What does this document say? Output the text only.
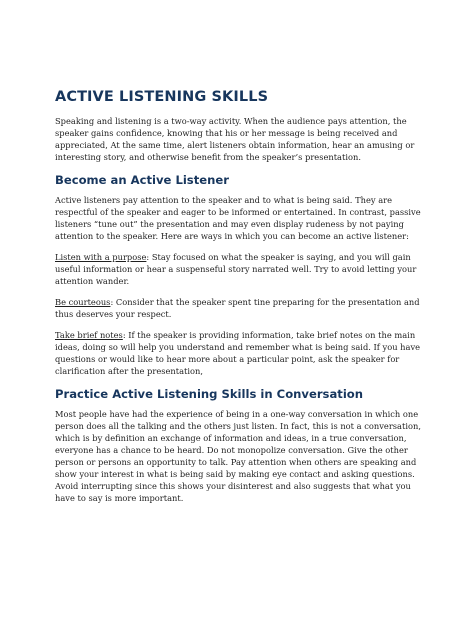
ACTIVE LISTENING SKILLS

Speaking and listening is a two-way activity. When the audience pays attention, the speaker gains confidence, knowing that his or her message is being received and appreciated, At the same time, alert listeners obtain information, hear an amusing or interesting story, and otherwise benefit from the speaker’s presentation.

Become an Active Listener

Active listeners pay attention to the speaker and to what is being said. They are respectful of the speaker and eager to be informed or entertained. In contrast, passive listeners “tune out” the presentation and may even display rudeness by not paying attention to the speaker. Here are ways in which you can become an active listener:

Listen with a purpose: Stay focused on what the speaker is saying, and you will gain useful information or hear a suspenseful story narrated well. Try to avoid letting your attention wander.

Be courteous: Consider that the speaker spent tine preparing for the presentation and thus deserves your respect.

Take brief notes: If the speaker is providing information, take brief notes on the main ideas, doing so will help you understand and remember what is being said. If you have questions or would like to hear more about a particular point, ask the speaker for clarification after the presentation,

Practice Active Listening Skills in Conversation

Most people have had the experience of being in a one-way conversation in which one person does all the talking and the others just listen. In fact, this is not a conversation, which is by definition an exchange of information and ideas, in a true conversation, everyone has a chance to be heard. Do not monopolize conversation. Give the other person or persons an opportunity to talk. Pay attention when others are speaking and show your interest in what is being said by making eye contact and asking questions. Avoid interrupting since this shows your disinterest and also suggests that what you have to say is more important.
